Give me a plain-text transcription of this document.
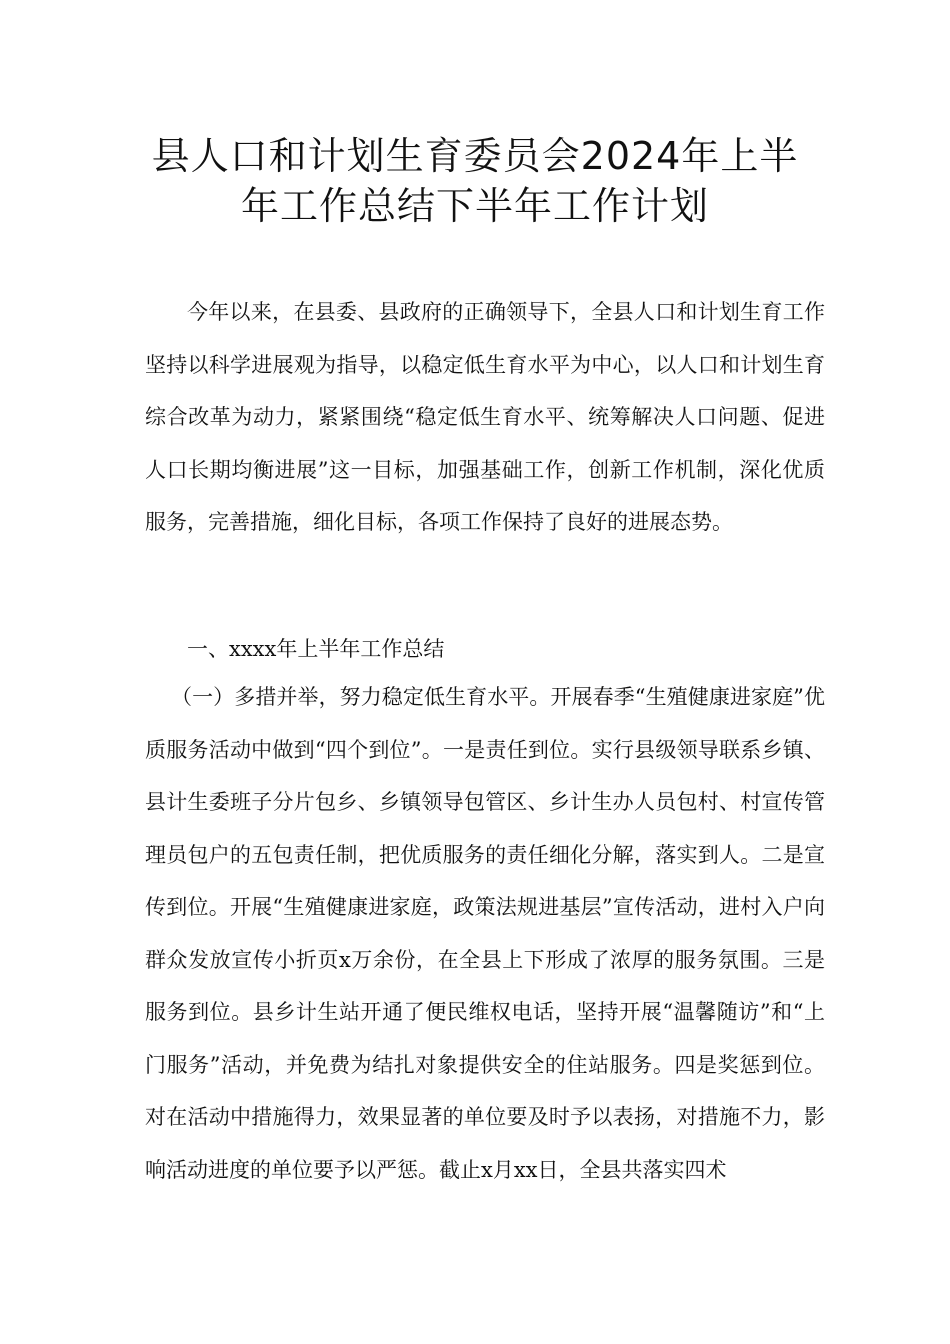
县人口和计划生育委员会2024年上半
年工作总结下半年工作计划

今年以来，在县委、县政府的正确领导下，全县人口和计划生育工作坚持以科学进展观为指导，以稳定低生育水平为中心，以人口和计划生育综合改革为动力，紧紧围绕“稳定低生育水平、统筹解决人口问题、促进人口长期均衡进展”这一目标，加强基础工作，创新工作机制，深化优质服务，完善措施，细化目标，各项工作保持了良好的进展态势。

一、xxxx年上半年工作总结

（一）多措并举，努力稳定低生育水平。开展春季“生殖健康进家庭”优质服务活动中做到“四个到位”。一是责任到位。实行县级领导联系乡镇、县计生委班子分片包乡、乡镇领导包管区、乡计生办人员包村、村宣传管理员包户的五包责任制，把优质服务的责任细化分解，落实到人。二是宣传到位。开展“生殖健康进家庭，政策法规进基层”宣传活动，进村入户向群众发放宣传小折页x万余份，在全县上下形成了浓厚的服务氛围。三是服务到位。县乡计生站开通了便民维权电话，坚持开展“温馨随访”和“上门服务”活动，并免费为结扎对象提供安全的住站服务。四是奖惩到位。对在活动中措施得力，效果显著的单位要及时予以表扬，对措施不力，影响活动进度的单位要予以严惩。截止x月xx日，全县共落实四术
